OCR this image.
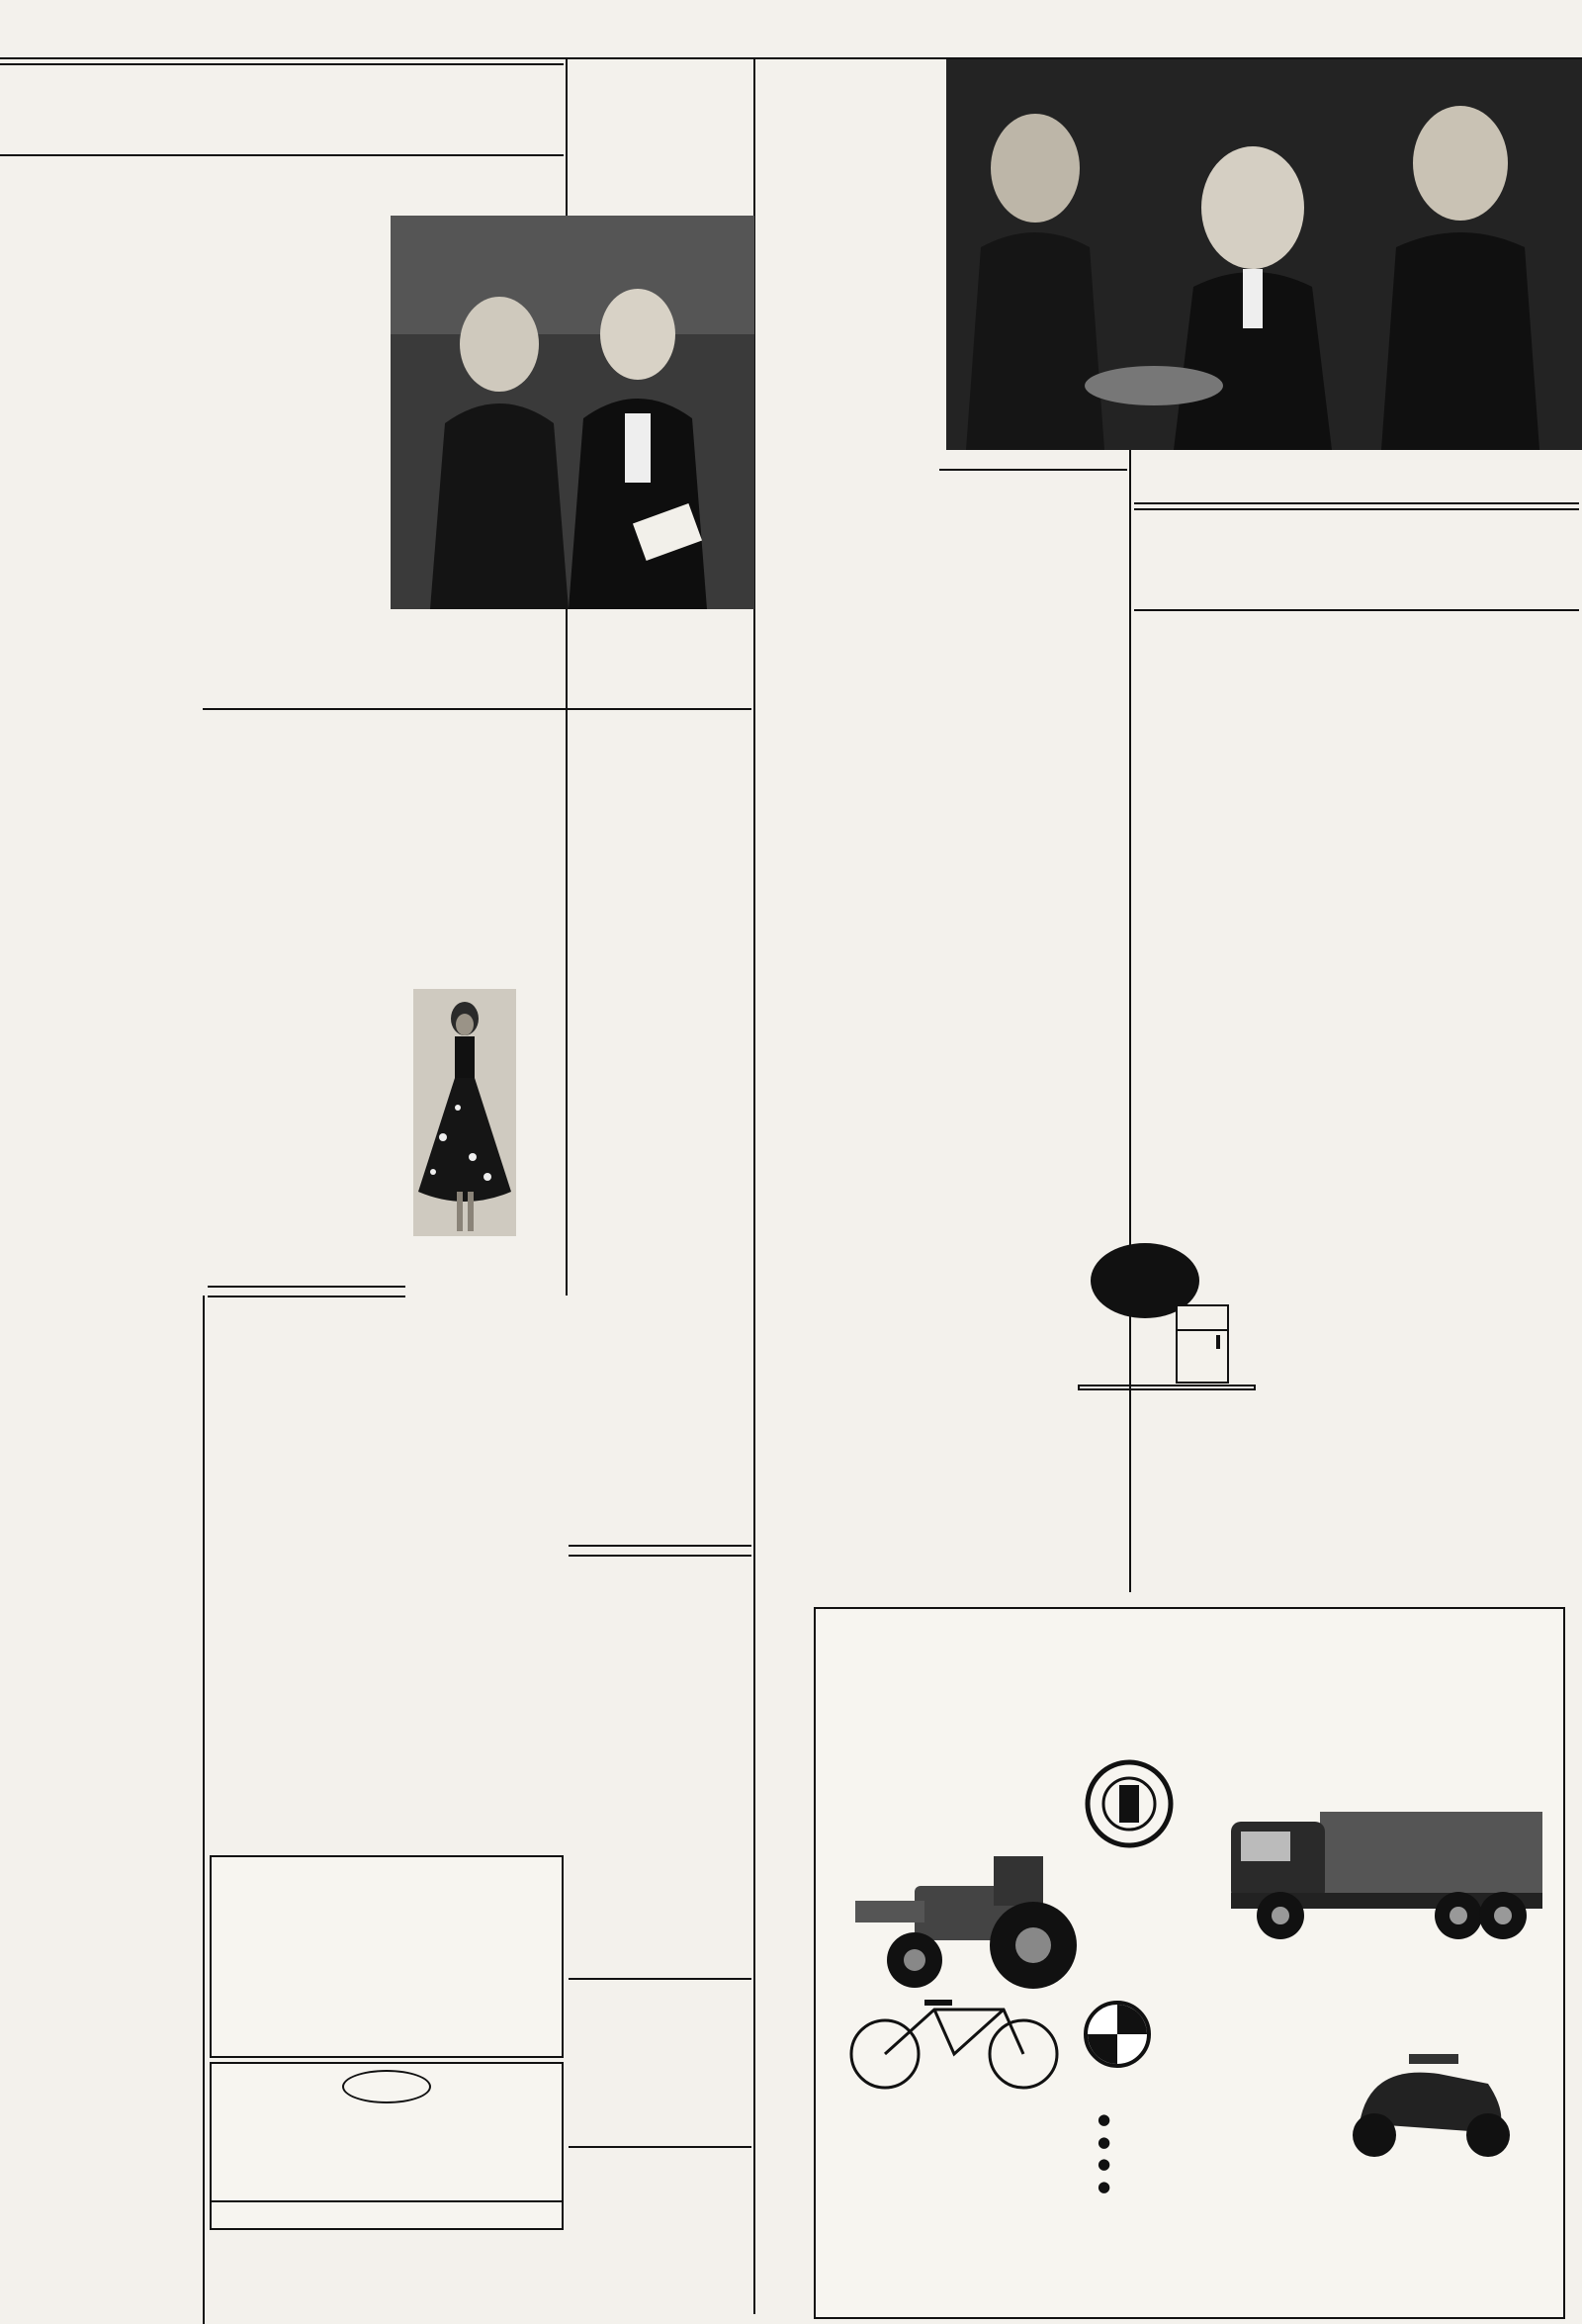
●
●
●
●
